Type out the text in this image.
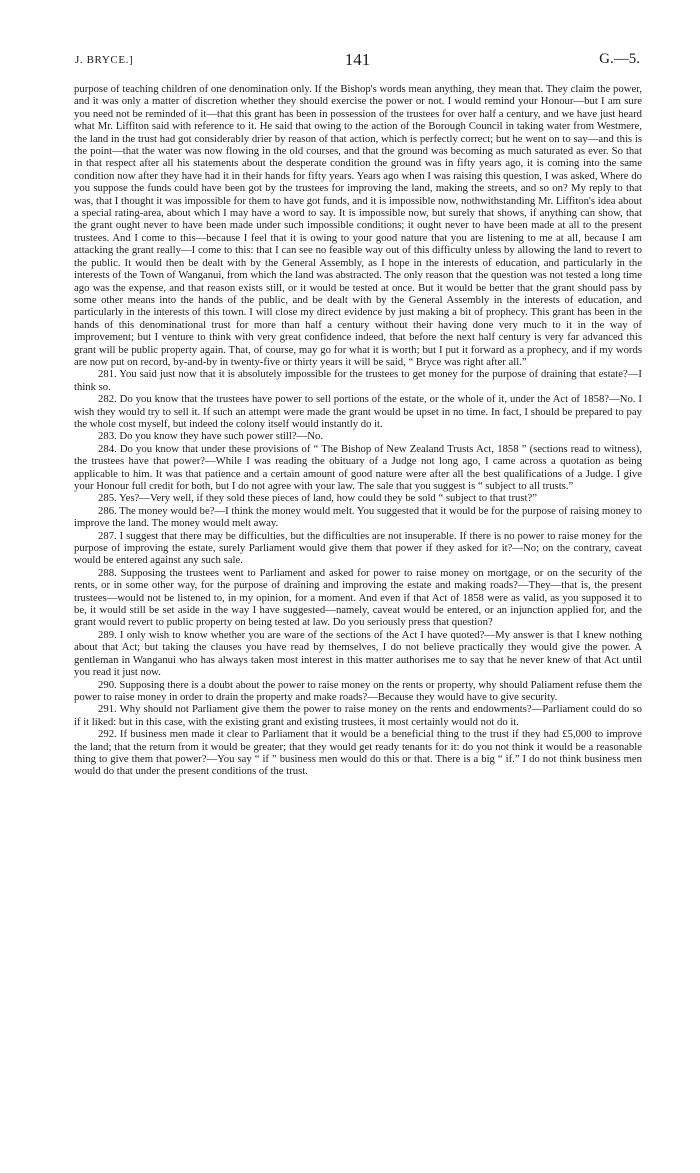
J. BRYCE.]	141	G.—5.

purpose of teaching children of one denomination only. If the Bishop's words mean anything, they mean that. They claim the power, and it was only a matter of discretion whether they should exercise the power or not. I would remind your Honour—but I am sure you need not be reminded of it—that this grant has been in possession of the trustees for over half a century, and we have just heard what Mr. Liffiton said with reference to it. He said that owing to the action of the Borough Council in taking water from Westmere, the land in the trust had got considerably drier by reason of that action, which is perfectly correct; but he went on to say—and this is the point—that the water was now flowing in the old courses, and that the ground was becoming as much saturated as ever. So that in that respect after all his statements about the desperate condition the ground was in fifty years ago, it is coming into the same condition now after they have had it in their hands for fifty years. Years ago when I was raising this question, I was asked, Where do you suppose the funds could have been got by the trustees for improving the land, making the streets, and so on? My reply to that was, that I thought it was impossible for them to have got funds, and it is impossible now, nothwithstanding Mr. Liffiton's idea about a special rating-area, about which I may have a word to say. It is impossible now, but surely that shows, if anything can show, that the grant ought never to have been made under such impossible conditions; it ought never to have been made at all to the present trustees. And I come to this—because I feel that it is owing to your good nature that you are listening to me at all, because I am attacking the grant really—I come to this: that I can see no feasible way out of this difficulty unless by allowing the land to revert to the public. It would then be dealt with by the General Assembly, as I hope in the interests of education, and particularly in the interests of the Town of Wanganui, from which the land was abstracted. The only reason that the question was not tested a long time ago was the expense, and that reason exists still, or it would be tested at once. But it would be better that the grant should pass by some other means into the hands of the public, and be dealt with by the General Assembly in the interests of education, and particularly in the interests of this town. I will close my direct evidence by just making a bit of prophecy. This grant has been in the hands of this denominational trust for more than half a century without their having done very much to it in the way of improvement; but I venture to think with very great confidence indeed, that before the next half century is very far advanced this grant will be public property again. That, of course, may go for what it is worth; but I put it forward as a prophecy, and if my words are now put on record, by-and-by in twenty-five or thirty years it will be said, “ Bryce was right after all.”

281. You said just now that it is absolutely impossible for the trustees to get money for the purpose of draining that estate?—I think so.

282. Do you know that the trustees have power to sell portions of the estate, or the whole of it, under the Act of 1858?—No. I wish they would try to sell it. If such an attempt were made the grant would be upset in no time. In fact, I should be prepared to pay the whole cost myself, but indeed the colony itself would instantly do it.

283. Do you know they have such power still?—No.

284. Do you know that under these provisions of “ The Bishop of New Zealand Trusts Act, 1858 ” (sections read to witness), the trustees have that power?—While I was reading the obituary of a Judge not long ago, I came across a quotation as being applicable to him. It was that patience and a certain amount of good nature were after all the best qualifications of a Judge. I give your Honour full credit for both, but I do not agree with your law. The sale that you suggest is “ subject to all trusts.”

285. Yes?—Very well, if they sold these pieces of land, how could they be sold “ subject to that trust?”

286. The money would be?—I think the money would melt. You suggested that it would be for the purpose of raising money to improve the land. The money would melt away.

287. I suggest that there may be difficulties, but the difficulties are not insuperable. If there is no power to raise money for the purpose of improving the estate, surely Parliament would give them that power if they asked for it?—No; on the contrary, caveat would be entered against any such sale.

288. Supposing the trustees went to Parliament and asked for power to raise money on mortgage, or on the security of the rents, or in some other way, for the purpose of draining and improving the estate and making roads?—They—that is, the present trustees—would not be listened to, in my opinion, for a moment. And even if that Act of 1858 were as valid, as you supposed it to be, it would still be set aside in the way I have suggested—namely, caveat would be entered, or an injunction applied for, and the grant would revert to public property on being tested at law. Do you seriously press that question?

289. I only wish to know whether you are ware of the sections of the Act I have quoted?—My answer is that I knew nothing about that Act; but taking the clauses you have read by themselves, I do not believe practically they would give the power. A gentleman in Wanganui who has always taken most interest in this matter authorises me to say that he never knew of that Act until you read it just now.

290. Supposing there is a doubt about the power to raise money on the rents or property, why should Paliament refuse them the power to raise money in order to drain the property and make roads?—Because they would have to give security.

291. Why should not Parliament give them the power to raise money on the rents and endowments?—Parliament could do so if it liked: but in this case, with the existing grant and existing trustees, it most certainly would not do it.

292. If business men made it clear to Parliament that it would be a beneficial thing to the trust if they had £5,000 to improve the land; that the return from it would be greater; that they would get ready tenants for it: do you not think it would be a reasonable thing to give them that power?—You say “ if ” business men would do this or that. There is a big “ if.” I do not think business men would do that under the present conditions of the trust.
